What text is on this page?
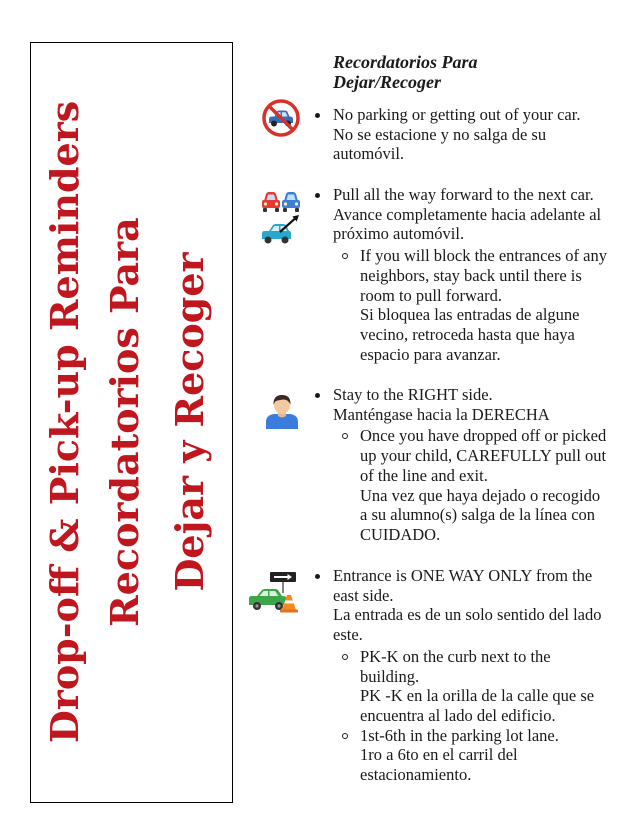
Drop-off & Pick-up Reminders Recordatorios Para Dejar y Recoger
Recordatorios Para
Dejar/Recoger
No parking or getting out of your car.
No se estacione y no salga de su
automóvil.
Pull all the way forward to the next car.
Avance completamente hacia adelante al
próximo automóvil.
If you will block the entrances of any
neighbors, stay back until there is
room to pull forward.
Si bloquea las entradas de algune
vecino, retroceda hasta que haya
espacio para avanzar.
Stay to the RIGHT side.
Manténgase hacia la DERECHA
Once you have dropped off or picked
up your child, CAREFULLY pull out
of the line and exit.
Una vez que haya dejado o recogido
a su alumno(s) salga de la línea con
CUIDADO.
Entrance is ONE WAY ONLY from the
east side.
La entrada es de un solo sentido del lado
este.
PK-K on the curb next to the
building.
PK -K en la orilla de la calle que se
encuentra al lado del edificio.
1st-6th in the parking lot lane.
1ro a 6to en el carril del
estacionamiento.
